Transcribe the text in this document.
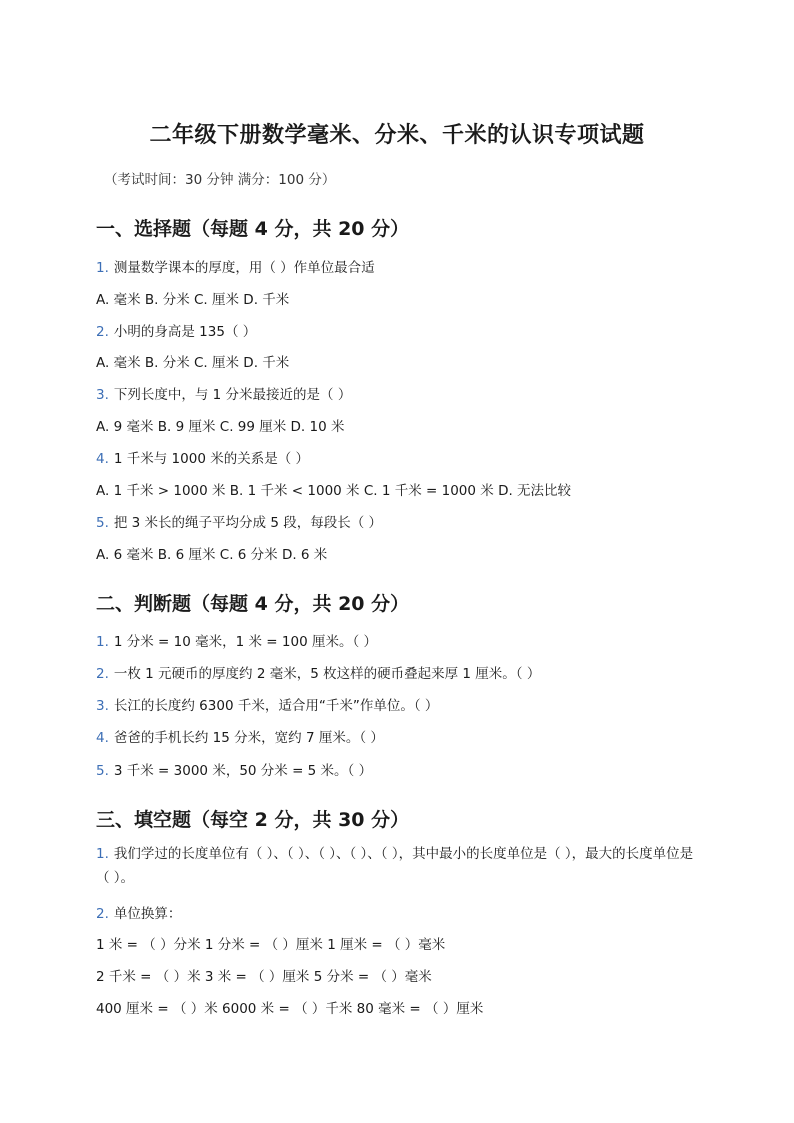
二年级下册数学毫米、分米、千米的认识专项试题
（考试时间：30 分钟 满分：100 分）
一、选择题（每题 4 分，共 20 分）
1. 测量数学课本的厚度，用（ ）作单位最合适
A. 毫米 B. 分米 C. 厘米 D. 千米
2. 小明的身高是 135（ ）
A. 毫米 B. 分米 C. 厘米 D. 千米
3. 下列长度中，与 1 分米最接近的是（ ）
A. 9 毫米 B. 9 厘米 C. 99 厘米 D. 10 米
4. 1 千米与 1000 米的关系是（ ）
A. 1 千米 > 1000 米 B. 1 千米 < 1000 米 C. 1 千米 = 1000 米 D. 无法比较
5. 把 3 米长的绳子平均分成 5 段，每段长（ ）
A. 6 毫米 B. 6 厘米 C. 6 分米 D. 6 米
二、判断题（每题 4 分，共 20 分）
1. 1 分米 = 10 毫米，1 米 = 100 厘米。（ ）
2. 一枚 1 元硬币的厚度约 2 毫米，5 枚这样的硬币叠起来厚 1 厘米。（ ）
3. 长江的长度约 6300 千米，适合用“千米”作单位。（ ）
4. 爸爸的手机长约 15 分米，宽约 7 厘米。（ ）
5. 3 千米 = 3000 米，50 分米 = 5 米。（ ）
三、填空题（每空 2 分，共 30 分）
1. 我们学过的长度单位有（ ）、（ ）、（ ）、（ ）、（ ），其中最小的长度单位是（ ），最大的长度单位是（ ）。
2. 单位换算：
1 米 = （ ）分米 1 分米 = （ ）厘米 1 厘米 = （ ）毫米
2 千米 = （ ）米 3 米 = （ ）厘米 5 分米 = （ ）毫米
400 厘米 = （ ）米 6000 米 = （ ）千米 80 毫米 = （ ）厘米
